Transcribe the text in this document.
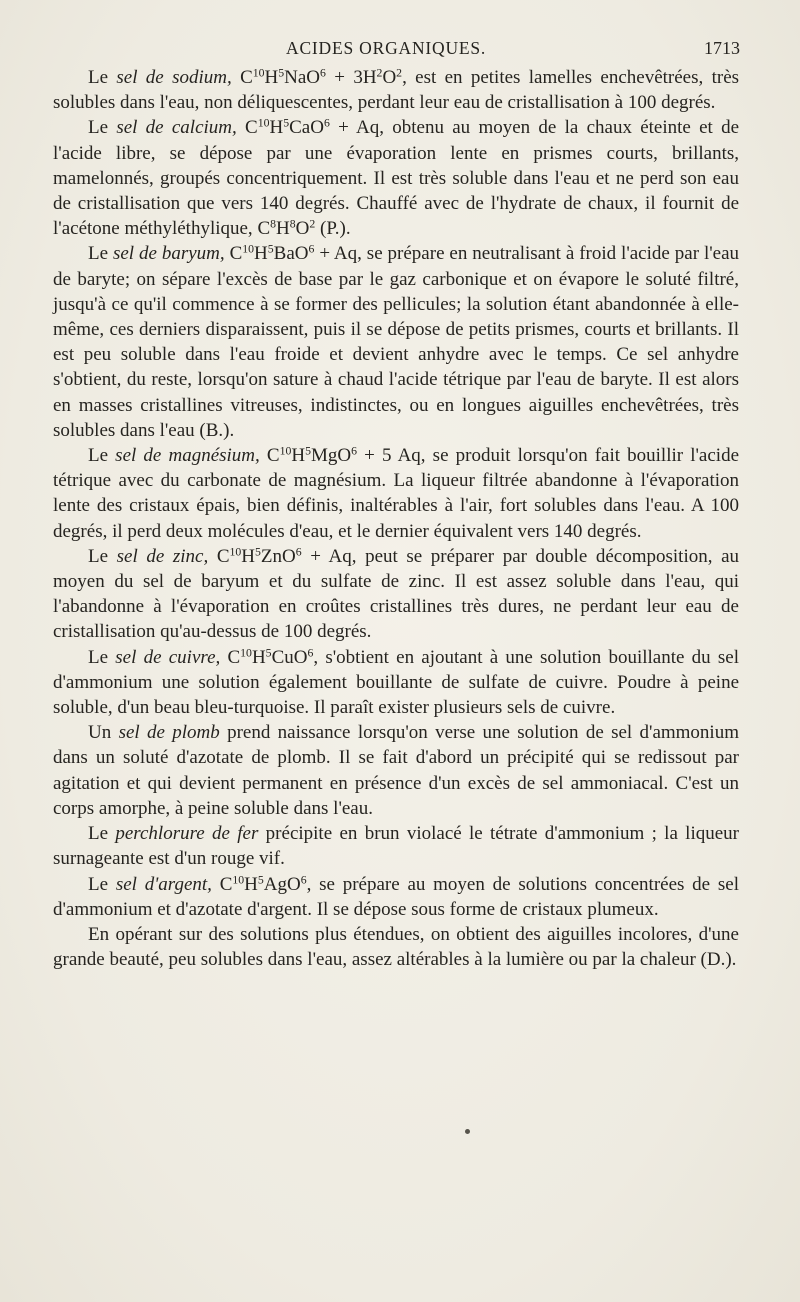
ACIDES ORGANIQUES.	1713

Le sel de sodium, $C^{10}H^5NaO^6 + 3H^2O^2$, est en petites lamelles enchevêtrées, très solubles dans l'eau, non déliquescentes, perdant leur eau de cristallisation à 100 degrés.

Le sel de calcium, $C^{10}H^5CaO^6 + Aq$, obtenu au moyen de la chaux éteinte et de l'acide libre, se dépose par une évaporation lente en prismes courts, brillants, mamelonnés, groupés concentriquement. Il est très soluble dans l'eau et ne perd son eau de cristallisation que vers 140 degrés. Chauffé avec de l'hydrate de chaux, il fournit de l'acétone méthyléthylique, $C^8H^8O^2$ (P.).

Le sel de baryum, $C^{10}H^5BaO^6 + Aq$, se prépare en neutralisant à froid l'acide par l'eau de baryte; on sépare l'excès de base par le gaz carbonique et on évapore le soluté filtré, jusqu'à ce qu'il commence à se former des pellicules; la solution étant abandonnée à elle-même, ces derniers disparaissent, puis il se dépose de petits prismes, courts et brillants. Il est peu soluble dans l'eau froide et devient anhydre avec le temps. Ce sel anhydre s'obtient, du reste, lorsqu'on sature à chaud l'acide tétrique par l'eau de baryte. Il est alors en masses cristallines vitreuses, indistinctes, ou en longues aiguilles enchevêtrées, très solubles dans l'eau (B.).

Le sel de magnésium, $C^{10}H^5MgO^6 + 5$ Aq, se produit lorsqu'on fait bouillir l'acide tétrique avec du carbonate de magnésium. La liqueur filtrée abandonne à l'évaporation lente des cristaux épais, bien définis, inaltérables à l'air, fort solubles dans l'eau. A 100 degrés, il perd deux molécules d'eau, et le dernier équivalent vers 140 degrés.

Le sel de zinc, $C^{10}H^5ZnO^6 + Aq$, peut se préparer par double décomposition, au moyen du sel de baryum et du sulfate de zinc. Il est assez soluble dans l'eau, qui l'abandonne à l'évaporation en croûtes cristallines très dures, ne perdant leur eau de cristallisation qu'au-dessus de 100 degrés.

Le sel de cuivre, $C^{10}H^5CuO^6$, s'obtient en ajoutant à une solution bouillante du sel d'ammonium une solution également bouillante de sulfate de cuivre. Poudre à peine soluble, d'un beau bleu-turquoise. Il paraît exister plusieurs sels de cuivre.

Un sel de plomb prend naissance lorsqu'on verse une solution de sel d'ammonium dans un soluté d'azotate de plomb. Il se fait d'abord un précipité qui se redissout par agitation et qui devient permanent en présence d'un excès de sel ammoniacal. C'est un corps amorphe, à peine soluble dans l'eau.

Le perchlorure de fer précipite en brun violacé le tétrate d'ammonium ; la liqueur surnageante est d'un rouge vif.

Le sel d'argent, $C^{10}H^5AgO^6$, se prépare au moyen de solutions concentrées de sel d'ammonium et d'azotate d'argent. Il se dépose sous forme de cristaux plumeux.

En opérant sur des solutions plus étendues, on obtient des aiguilles incolores, d'une grande beauté, peu solubles dans l'eau, assez altérables à la lumière ou par la chaleur (D.).
